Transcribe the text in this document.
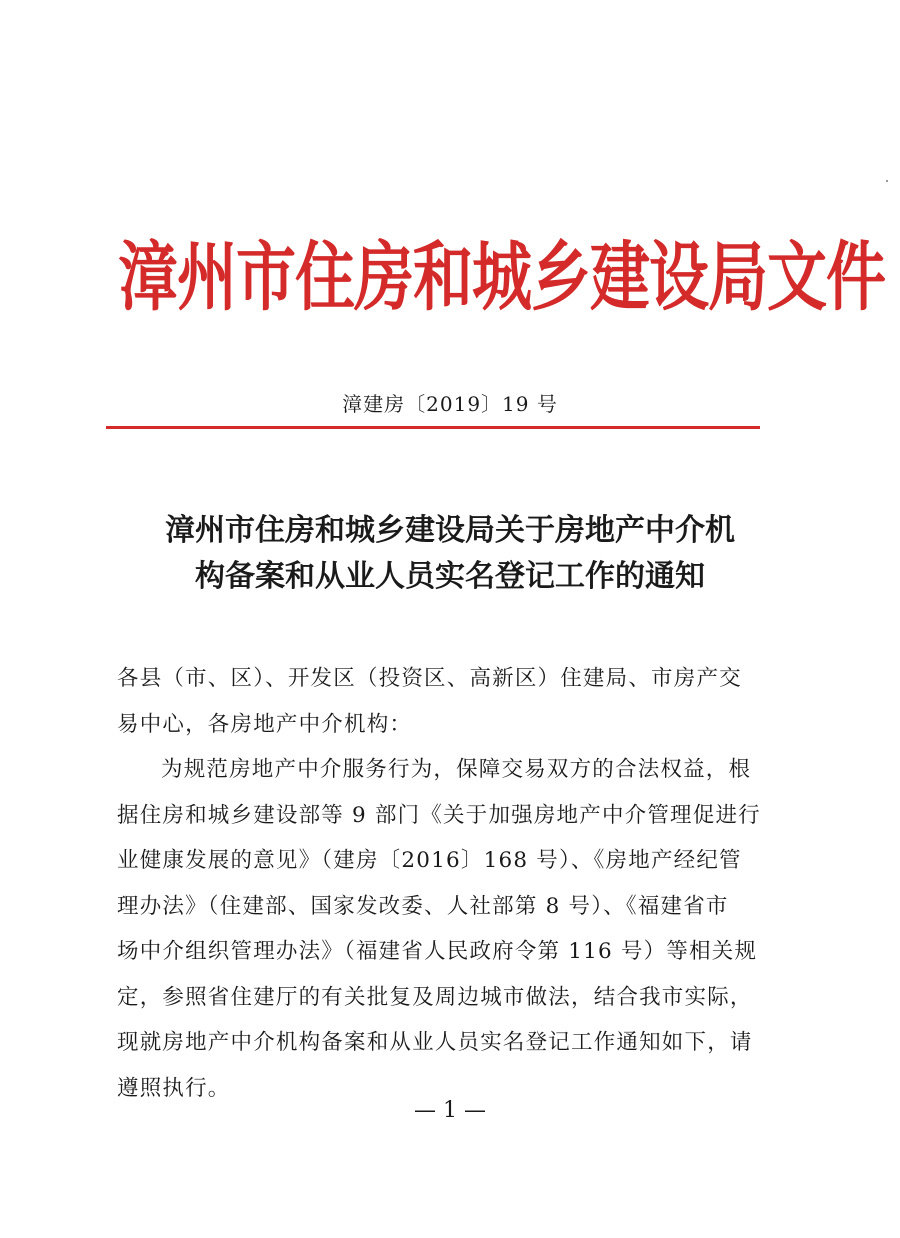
漳州市住房和城乡建设局文件
漳建房〔2019〕19 号
漳州市住房和城乡建设局关于房地产中介机
构备案和从业人员实名登记工作的通知
各县（市、区）、开发区（投资区、高新区）住建局、市房产交
易中心，各房地产中介机构：
为规范房地产中介服务行为，保障交易双方的合法权益，根
据住房和城乡建设部等 9 部门《关于加强房地产中介管理促进行
业健康发展的意见》（建房〔2016〕168 号）、《房地产经纪管
理办法》（住建部、国家发改委、人社部第 8 号）、《福建省市
场中介组织管理办法》（福建省人民政府令第 116 号）等相关规
定，参照省住建厅的有关批复及周边城市做法，结合我市实际，
现就房地产中介机构备案和从业人员实名登记工作通知如下，请
遵照执行。
— 1 —
